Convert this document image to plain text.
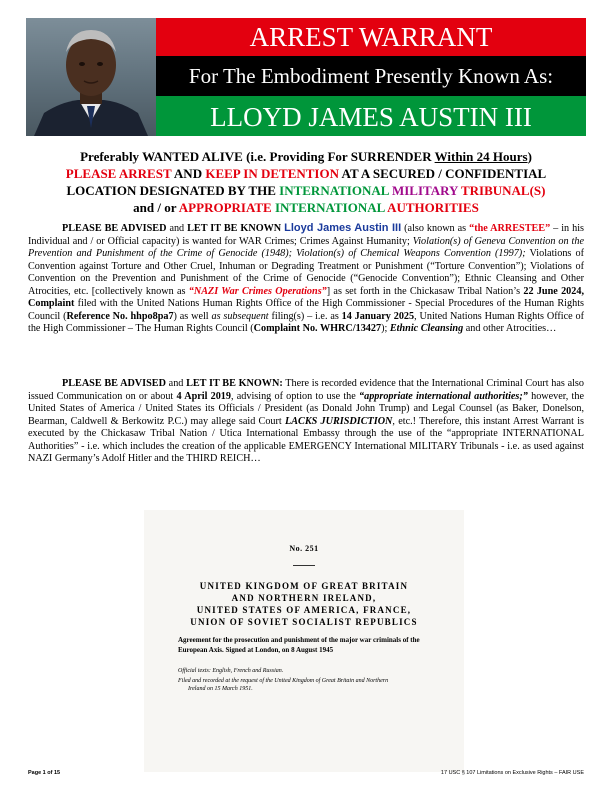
ARREST WARRANT
For The Embodiment Presently Known As:
LLOYD JAMES AUSTIN III
Preferably WANTED ALIVE (i.e. Providing For SURRENDER Within 24 Hours)
PLEASE ARREST AND KEEP IN DETENTION AT A SECURED / CONFIDENTIAL
LOCATION DESIGNATED BY THE INTERNATIONAL MILITARY TRIBUNAL(S)
and / or APPROPRIATE INTERNATIONAL AUTHORITIES

PLEASE BE ADVISED and LET IT BE KNOWN Lloyd James Austin III (also known as “the ARRESTEE” – in his Individual and / or Official capacity) is wanted for WAR Crimes; Crimes Against Humanity; Violation(s) of Geneva Convention on the Prevention and Punishment of the Crime of Genocide (1948); Violation(s) of Chemical Weapons Convention (1997); Violations of Convention against Torture and Other Cruel, Inhuman or Degrading Treatment or Punishment (“Torture Convention”); Violations of Convention on the Prevention and Punishment of the Crime of Genocide (“Genocide Convention”); Ethnic Cleansing and Other Atrocities, etc. [collectively known as “NAZI War Crimes Operations”] as set forth in the Chickasaw Tribal Nation’s 22 June 2024, Complaint filed with the United Nations Human Rights Office of the High Commissioner - Special Procedures of the Human Rights Council (Reference No. hhpo8pa7) as well as subsequent filing(s) – i.e. as 14 January 2025, United Nations Human Rights Office of the High Commissioner – The Human Rights Council (Complaint No. WHRC/13427); Ethnic Cleansing and other Atrocities…

PLEASE BE ADVISED and LET IT BE KNOWN: There is recorded evidence that the International Criminal Court has also issued Communication on or about 4 April 2019, advising of option to use the “appropriate international authorities;” however, the United States of America / United States its Officials / President (as Donald John Trump) and Legal Counsel (as Baker, Donelson, Bearman, Caldwell & Berkowitz P.C.) may allege said Court LACKS JURISDICTION, etc.! Therefore, this instant Arrest Warrant is executed by the Chickasaw Tribal Nation / Utica International Embassy through the use of the “appropriate INTERNATIONAL Authorities” - i.e. which includes the creation of the applicable EMERGENCY International MILITARY Tribunals - i.e. as used against NAZI Germany’s Adolf Hitler and the THIRD REICH…

No. 251
UNITED KINGDOM OF GREAT BRITAIN
AND NORTHERN IRELAND,
UNITED STATES OF AMERICA, FRANCE,
UNION OF SOVIET SOCIALIST REPUBLICS
Agreement for the prosecution and punishment of the major war criminals of the European Axis. Signed at London, on 8 August 1945

Official texts: English, French and Russian.

Filed and recorded at the request of the United Kingdom of Great Britain and Northern

Ireland on 15 March 1951.

Page 1 of 15	17 USC § 107 Limitations on Exclusive Rights – FAIR USE
